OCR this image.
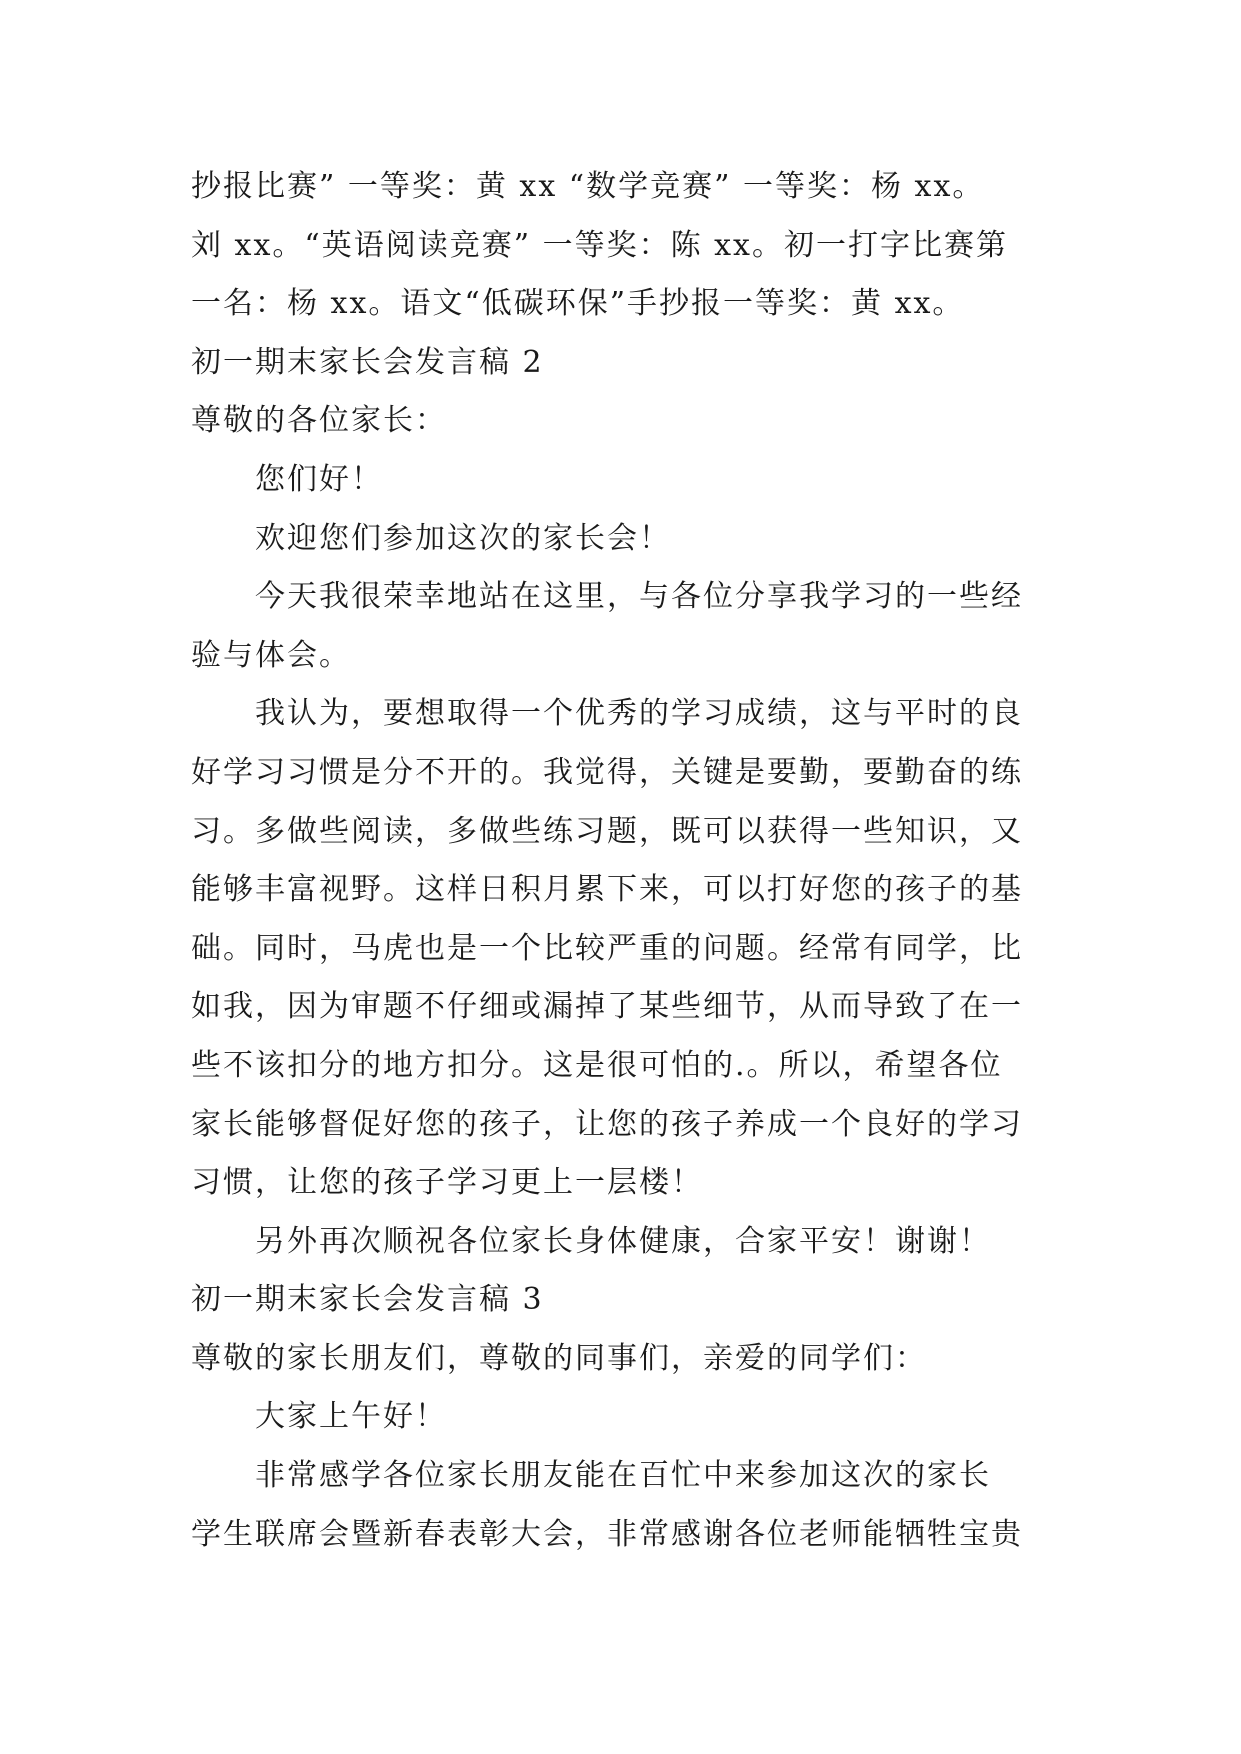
抄报比赛” 一等奖：黄 xx “数学竞赛” 一等奖：杨 xx。
刘 xx。“英语阅读竞赛” 一等奖：陈 xx。初一打字比赛第
一名：杨 xx。语文“低碳环保”手抄报一等奖：黄 xx。
初一期末家长会发言稿 2
尊敬的各位家长：
您们好！
欢迎您们参加这次的家长会！
今天我很荣幸地站在这里，与各位分享我学习的一些经
验与体会。
我认为，要想取得一个优秀的学习成绩，这与平时的良
好学习习惯是分不开的。我觉得，关键是要勤，要勤奋的练
习。多做些阅读，多做些练习题，既可以获得一些知识，又
能够丰富视野。这样日积月累下来，可以打好您的孩子的基
础。同时，马虎也是一个比较严重的问题。经常有同学，比
如我，因为审题不仔细或漏掉了某些细节，从而导致了在一
些不该扣分的地方扣分。这是很可怕的.。所以，希望各位
家长能够督促好您的孩子，让您的孩子养成一个良好的学习
习惯，让您的孩子学习更上一层楼！
另外再次顺祝各位家长身体健康，合家平安！谢谢！
初一期末家长会发言稿 3
尊敬的家长朋友们，尊敬的同事们，亲爱的同学们：
大家上午好！
非常感学各位家长朋友能在百忙中来参加这次的家长
学生联席会暨新春表彰大会，非常感谢各位老师能牺牲宝贵
